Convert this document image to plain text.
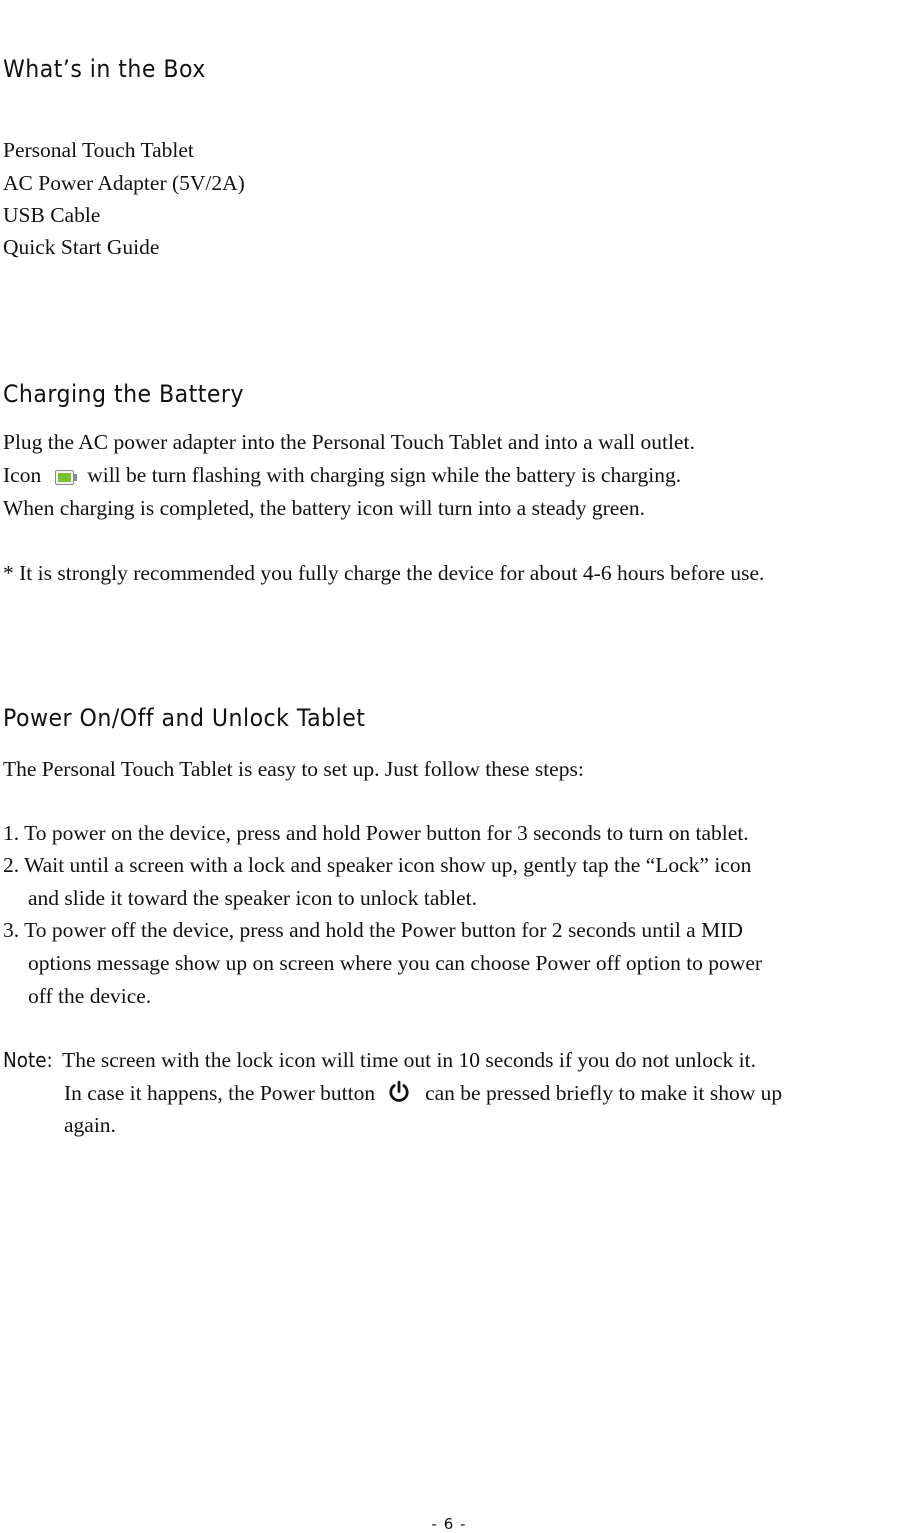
What’s in the Box

Personal Touch Tablet

AC Power Adapter (5V/2A)

USB Cable

Quick Start Guide

Charging the Battery

Plug the AC power adapter into the Personal Touch Tablet and into a wall outlet.

Icon will be turn flashing with charging sign while the battery is charging.

When charging is completed, the battery icon will turn into a steady green.

* It is strongly recommended you fully charge the device for about 4-6 hours before use.

Power On/Off and Unlock Tablet

The Personal Touch Tablet is easy to set up. Just follow these steps:

1. To power on the device, press and hold Power button for 3 seconds to turn on tablet.

2. Wait until a screen with a lock and speaker icon show up, gently tap the “Lock” icon

and slide it toward the speaker icon to unlock tablet.

3. To power off the device, press and hold the Power button for 2 seconds until a MID

options message show up on screen where you can choose Power off option to power

off the device.

Note: The screen with the lock icon will time out in 10 seconds if you do not unlock it.

In case it happens, the Power button can be pressed briefly to make it show up

again.

- 6 -
